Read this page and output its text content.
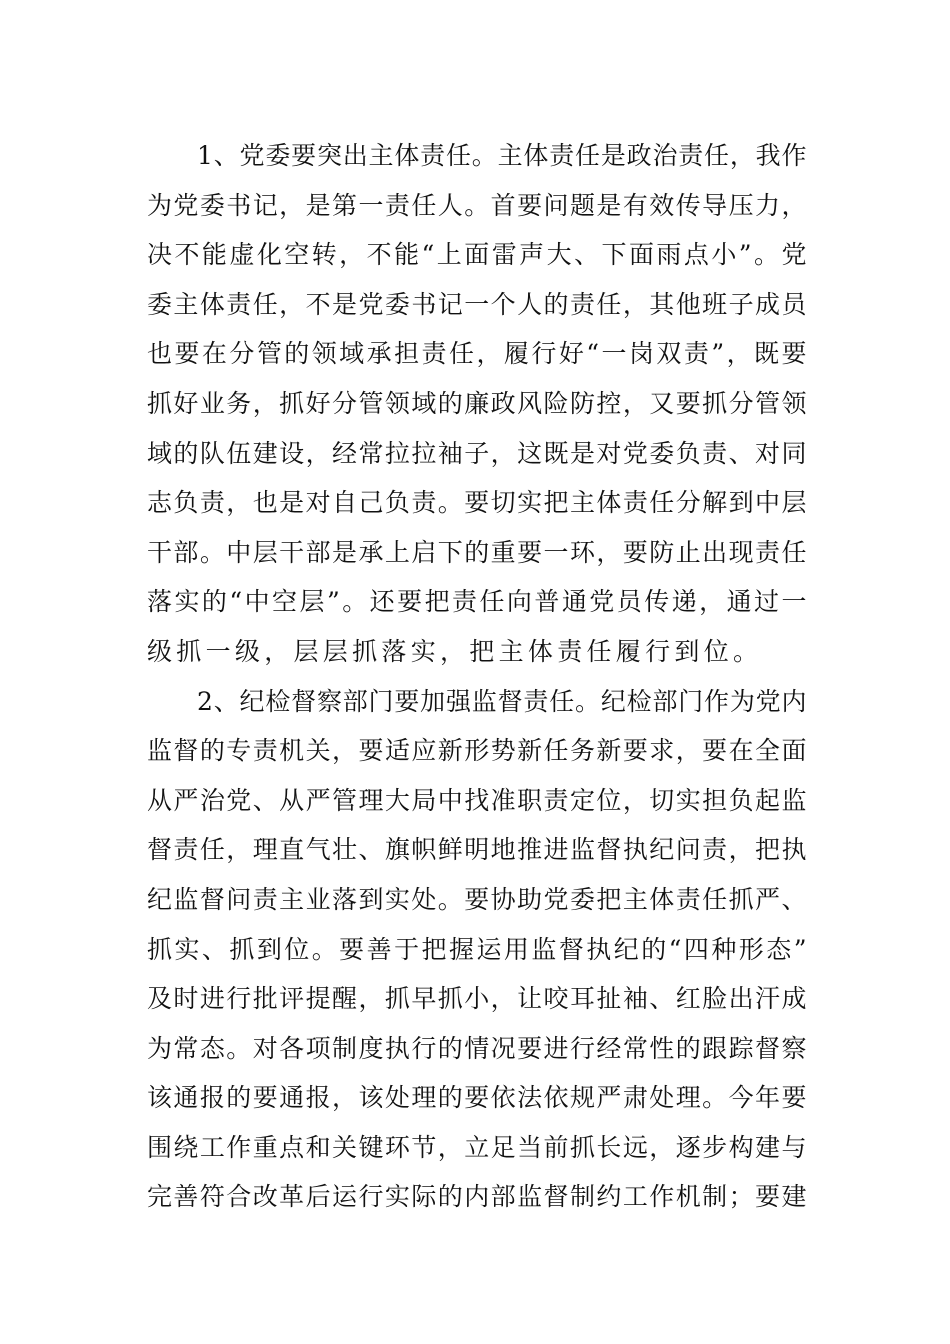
1、党委要突出主体责任。主体责任是政治责任，我作
为党委书记，是第一责任人。首要问题是有效传导压力，
决不能虚化空转，不能“上面雷声大、下面雨点小”。党
委主体责任，不是党委书记一个人的责任，其他班子成员
也要在分管的领域承担责任，履行好“一岗双责”，既要
抓好业务，抓好分管领域的廉政风险防控，又要抓分管领
域的队伍建设，经常拉拉袖子，这既是对党委负责、对同
志负责，也是对自己负责。要切实把主体责任分解到中层
干部。中层干部是承上启下的重要一环，要防止出现责任
落实的“中空层”。还要把责任向普通党员传递，通过一
级抓一级，层层抓落实，把主体责任履行到位。
2、纪检督察部门要加强监督责任。纪检部门作为党内
监督的专责机关，要适应新形势新任务新要求，要在全面
从严治党、从严管理大局中找准职责定位，切实担负起监
督责任，理直气壮、旗帜鲜明地推进监督执纪问责，把执
纪监督问责主业落到实处。要协助党委把主体责任抓严、
抓实、抓到位。要善于把握运用监督执纪的“四种形态”
及时进行批评提醒，抓早抓小，让咬耳扯袖、红脸出汗成
为常态。对各项制度执行的情况要进行经常性的跟踪督察
该通报的要通报，该处理的要依法依规严肃处理。今年要
围绕工作重点和关键环节，立足当前抓长远，逐步构建与
完善符合改革后运行实际的内部监督制约工作机制；要建
